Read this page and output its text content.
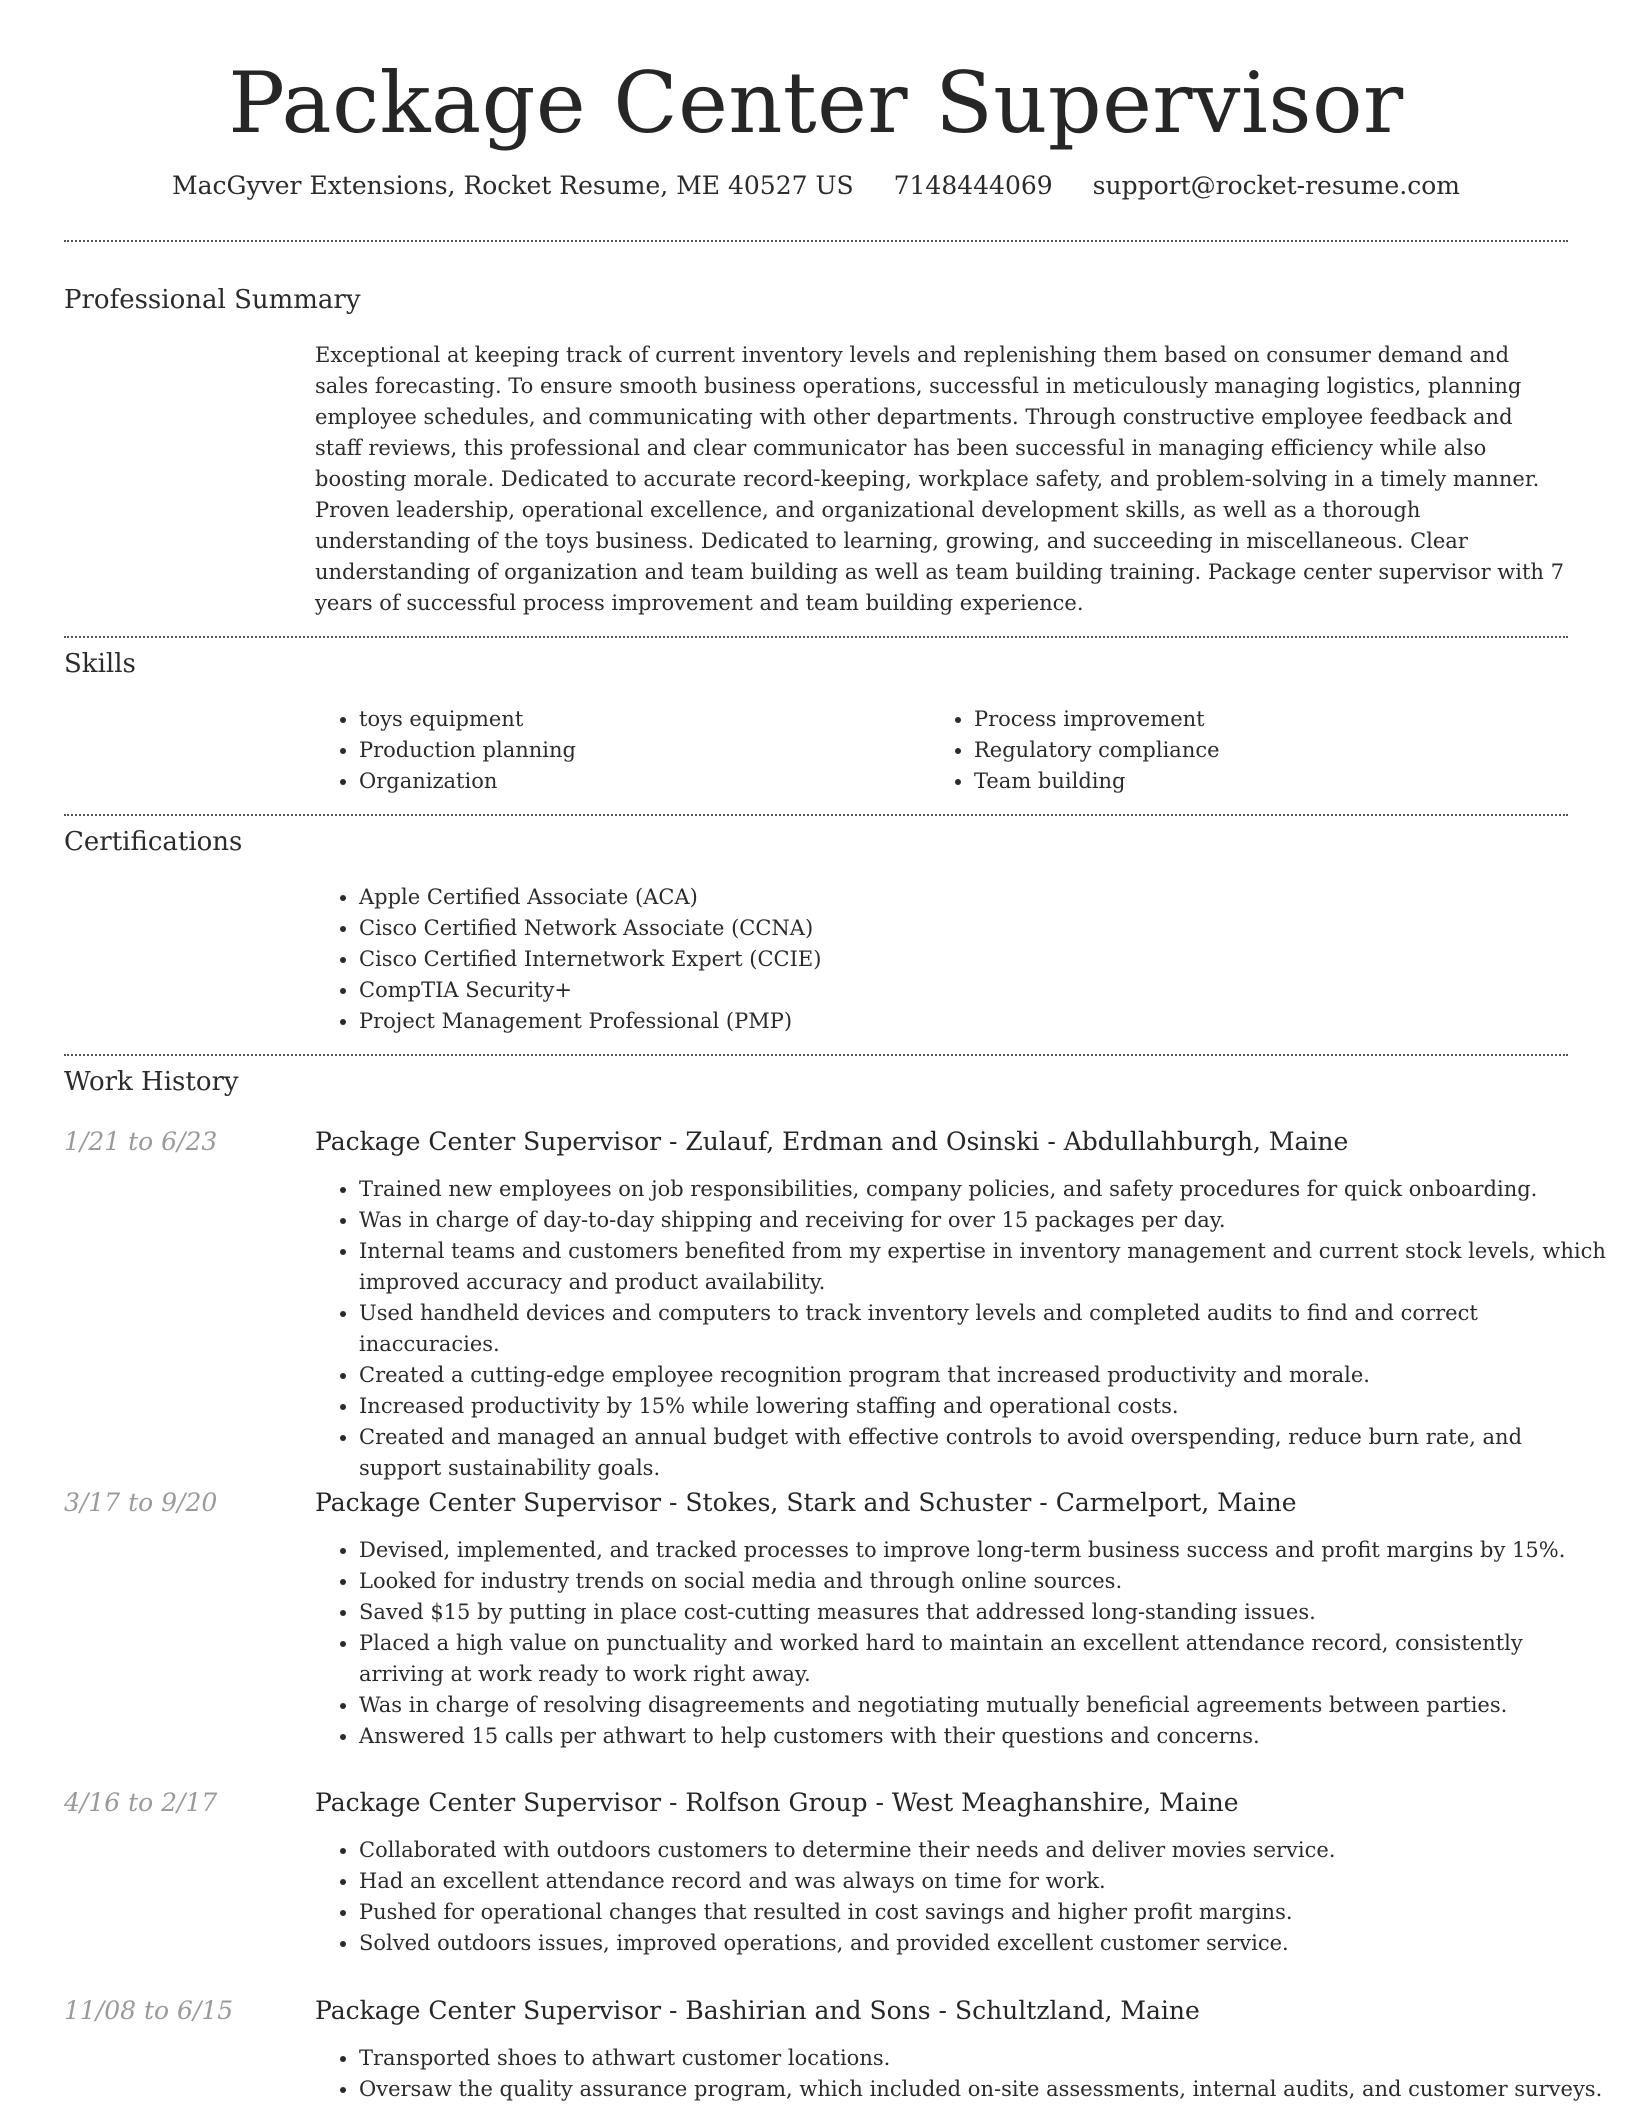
Package Center Supervisor
MacGyver Extensions, Rocket Resume, ME 40527 US 7148444069 support@rocket-resume.com
Professional Summary

Exceptional at keeping track of current inventory levels and replenishing them based on consumer demand and sales forecasting. To ensure smooth business operations, successful in meticulously managing logistics, planning employee schedules, and communicating with other departments. Through constructive employee feedback and staff reviews, this professional and clear communicator has been successful in managing efficiency while also boosting morale. Dedicated to accurate record-keeping, workplace safety, and problem-solving in a timely manner. Proven leadership, operational excellence, and organizational development skills, as well as a thorough understanding of the toys business. Dedicated to learning, growing, and succeeding in miscellaneous. Clear understanding of organization and team building as well as team building training. Package center supervisor with 7 years of successful process improvement and team building experience.

Skills
• toys equipment
• Production planning
• Organization
• Process improvement
• Regulatory compliance
• Team building
Certifications
• Apple Certified Associate (ACA)
• Cisco Certified Network Associate (CCNA)
• Cisco Certified Internetwork Expert (CCIE)
• CompTIA Security+
• Project Management Professional (PMP)
Work History
1/21 to 6/23	Package Center Supervisor - Zulauf, Erdman and Osinski - Abdullahburgh, Maine
• Trained new employees on job responsibilities, company policies, and safety procedures for quick onboarding.
• Was in charge of day-to-day shipping and receiving for over 15 packages per day.
• Internal teams and customers benefited from my expertise in inventory management and current stock levels, which improved accuracy and product availability.
• Used handheld devices and computers to track inventory levels and completed audits to find and correct inaccuracies.
• Created a cutting-edge employee recognition program that increased productivity and morale.
• Increased productivity by 15% while lowering staffing and operational costs.
• Created and managed an annual budget with effective controls to avoid overspending, reduce burn rate, and support sustainability goals.
3/17 to 9/20	Package Center Supervisor - Stokes, Stark and Schuster - Carmelport, Maine
• Devised, implemented, and tracked processes to improve long-term business success and profit margins by 15%.
• Looked for industry trends on social media and through online sources.
• Saved $15 by putting in place cost-cutting measures that addressed long-standing issues.
• Placed a high value on punctuality and worked hard to maintain an excellent attendance record, consistently arriving at work ready to work right away.
• Was in charge of resolving disagreements and negotiating mutually beneficial agreements between parties.
• Answered 15 calls per athwart to help customers with their questions and concerns.
4/16 to 2/17	Package Center Supervisor - Rolfson Group - West Meaghanshire, Maine
• Collaborated with outdoors customers to determine their needs and deliver movies service.
• Had an excellent attendance record and was always on time for work.
• Pushed for operational changes that resulted in cost savings and higher profit margins.
• Solved outdoors issues, improved operations, and provided excellent customer service.
11/08 to 6/15	Package Center Supervisor - Bashirian and Sons - Schultzland, Maine
• Transported shoes to athwart customer locations.
• Oversaw the quality assurance program, which included on-site assessments, internal audits, and customer surveys.
